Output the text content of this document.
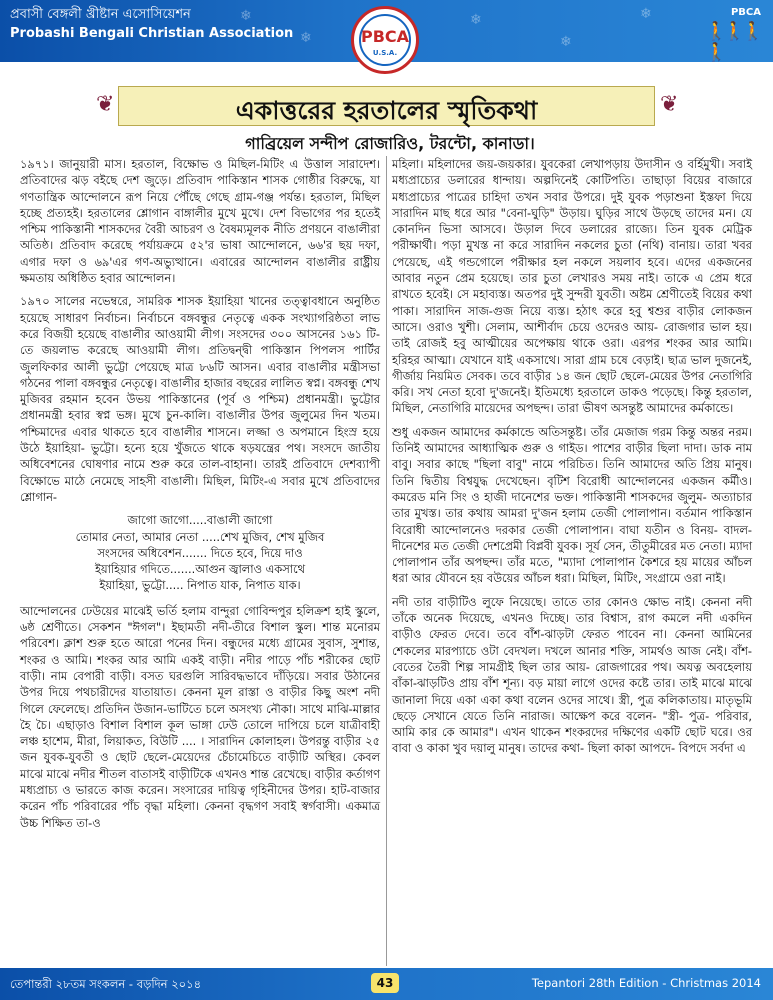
❄
❄
❄
❄
❄
প্রবাসী বেঙ্গলী খ্রীষ্টান এসোসিয়েশন
Probashi Bengali Christian Association
PBCA
🚶🚶🚶🚶
PBCA
U.S.A.
❦	একাত্তরের হরতালের স্মৃতিকথা	❦
গাব্রিয়েল সন্দীপ রোজারিও, টরন্টো, কানাডা।

১৯৭১। জানুয়ারী মাস। হরতাল, বিক্ষোভ ও মিছিল-মিটিং এ উত্তাল সারাদেশ। প্রতিবাদের ঝড় বইছে দেশ জুড়ে। প্রতিবাদ পাকিস্তান শাসক গোষ্ঠীর বিরুদ্ধে, যা গণতান্ত্রিক আন্দোলনে রূপ নিয়ে পৌঁছে গেছে গ্রাম-গঞ্জ পর্যন্ত। হরতাল, মিছিল হচ্ছে প্রত্যহই। হরতালের শ্লোগান বাঙ্গালীর মুখে মুখে। দেশ বিভাগের পর হতেই পশ্চিম পাকিস্তানী শাসকদের বৈরী আচরণ ও বৈষম্যমূলক নীতি প্রণয়নে বাঙালীরা অতিষ্ঠ। প্রতিবাদ করেছে পর্যায়ক্রমে ৫২'র ভাষা আন্দোলনে, ৬৬'র ছয় দফা, এগার দফা ও ৬৯'এর গণ-অভ্যুত্থানে। এবারের আন্দোলন বাঙালীর রাষ্ট্রীয় ক্ষমতায় অধিষ্ঠিত হবার আন্দোলন।

১৯৭০ সালের নভেম্বরে, সামরিক শাসক ইয়াহিয়া খানের তত্ত্বাবধানে অনুষ্ঠিত হয়েছে সাধারণ নির্বাচন। নির্বাচনে বঙ্গবন্ধুর নেতৃত্বে একক সংখ্যাগরিষ্ঠতা লাভ করে বিজয়ী হয়েছে বাঙালীর আওয়ামী লীগ। সংসদের ৩০০ আসনের ১৬১ টি-তে জয়লাভ করেছে আওয়ামী লীগ। প্রতিদ্বন্দ্বী পাকিস্তান পিপলস পার্টির জুলফিকার আলী ভুট্টো পেয়েছে মাত্র ৮৬টি আসন। এবার বাঙালীর মন্ত্রীসভা গঠনের পালা বঙ্গবন্ধুর নেতৃত্বে। বাঙালীর হাজার বছরের লালিত স্বপ্ন। বঙ্গবন্ধু শেখ মুজিবর রহমান হবেন উভয় পাকিস্তানের (পূর্ব ও পশ্চিম) প্রধানমন্ত্রী। ভুট্টোর প্রধানমন্ত্রী হবার স্বপ্ন ভঙ্গ। মুখে চুন-কালি। বাঙালীর উপর জুলুমের দিন খতম। পশ্চিমাদের এবার থাকতে হবে বাঙালীর শাসনে। লজ্জা ও অপমানে হিংস্র হয়ে উঠে ইয়াহিয়া- ভুট্টো। হন্যে হয়ে খুঁজতে থাকে ষড়যন্ত্রের পথ। সংসদে জাতীয় অধিবেশনের ঘোষণার নামে শুরু করে তাল-বাহানা। তারই প্রতিবাদে দেশব্যাপী বিক্ষোভে মাঠে নেমেছে সাহসী বাঙালী। মিছিল, মিটিং-এ সবার মুখে প্রতিবাদের শ্লোগান-

জাগো জাগো.....বাঙালী জাগো
তোমার নেতা, আমার নেতা .....শেখ মুজিব, শেখ মুজিব
সংসদের অধিবেশন....... দিতে হবে, দিয়ে দাও
ইয়াহিয়ার গদিতে.......আগুন জ্বালাও একসাথে
ইয়াহিয়া, ভুট্টো..... নিপাত যাক, নিপাত যাক।

আন্দোলনের ঢেউয়ের মাঝেই ভর্তি হলাম বান্দুরা গোবিন্দপুর হলিক্রশ হাই স্কুলে, ৬ষ্ঠ শ্রেণীতে। সেকশন "ঈগল"। ইছামতী নদী-তীরে বিশাল স্কুল। শান্ত মনোরম পরিবেশ। ক্লাশ শুরু হতে আরো পনের দিন। বন্ধুদের মধ্যে গ্রামের সুবাস, সুশান্ত, শংকর ও আমি। শংকর আর আমি একই বাড়ী। নদীর পাড়ে পাঁচ শরীকের ছোট বাড়ী। নাম বেপারী বাড়ী। বসত ঘরগুলি সারিবদ্ধভাবে দাঁড়িয়ে। সবার উঠানের উপর দিয়ে পথচারীদের যাতায়াত। কেননা মূল রাস্তা ও বাড়ীর কিছু অংশ নদী গিলে ফেলেছে। প্রতিদিন উজান-ভাটিতে চলে অসংখ্য নৌকা। সাথে মাঝি-মাল্লার হৈ চৈ। এছাড়াও বিশাল বিশাল কূল ভাঙ্গা ঢেউ তোলে দাপিয়ে চলে যাত্রীবাহী লঞ্চ হাশেম, মীরা, লিয়াকত, বিউটি .... । সারাদিন কোলাহল। উপরন্তু বাড়ীর ২৫ জন যুবক-যুবতী ও ছোট ছেলে-মেয়েদের চেঁচামেচিতে বাড়ীটি অস্থির। কেবল মাঝে মাঝে নদীর শীতল বাতাসই বাড়ীটিকে এখনও শান্ত রেখেছে। বাড়ীর কর্তাগণ মধ্যপ্রাচ্য ও ভারতে কাজ করেন। সংসারের দায়িত্ব গৃহিনীদের উপর। হাট-বাজার করেন পাঁচ পরিবারের পাঁচ বৃদ্ধা মহিলা। কেননা বৃদ্ধগণ সবাই স্বর্গবাসী। একমাত্র উচ্চ শিক্ষিত তা-ও

মহিলা। মহিলাদের জয়-জয়কার। যুবকেরা লেখাপড়ায় উদাসীন ও বর্হিমুখী। সবাই মধ্যপ্রাচ্যের ডলারের ধান্দায়। অল্পদিনেই কোটিপতি। তাছাড়া বিয়ের বাজারে মধ্যপ্রাচ্যের পাত্রের চাহিদা তখন সবার উপরে। দুই যুবক পড়াশুনা ইস্তফা দিয়ে সারাদিন মাছ ধরে আর "বেনা-ঘুড়ি" উড়ায়। ঘুড়ির সাথে উড়ছে তাদের মন। যে কোনদিন ভিসা আসবে। উড়াল দিবে ডলারের রাজ্যে। তিন যুবক মেট্রিক পরীক্ষার্থী। পড়া মুখস্ত না করে সারাদিন নকলের চুতা (নথি) বানায়। তারা খবর পেয়েছে, এই গন্ডগোলে পরীক্ষার হল নকলে সয়লাব হবে। এদের একজনের আবার নতুন প্রেম হয়েছে। তার চুতা লেখারও সময় নাই। তাকে এ প্রেম ধরে রাখতে হবেই। সে মহাব্যস্ত। অতপর দুই সুন্দরী যুবতী। অষ্টম শ্রেণীতেই বিয়ের কথা পাকা। সারাদিন সাজ-গুজ নিয়ে ব্যস্ত। হঠাৎ করে হবু শ্বশুর বাড়ীর লোকজন আসে। ওরাও খুশী। সেলাম, আশীর্বাদ চেয়ে ওদেরও আয়- রোজগার ভাল হয়। তাই রোজই হবু আত্মীয়ের অপেক্ষায় থাকে ওরা। এরপর শংকর আর আমি। হরিহর আত্মা। যেখানে যাই একসাথে। সারা গ্রাম চষে বেড়াই। ছাত্র ভাল দুজনেই, গীর্জায় নিয়মিত সেবক। তবে বাড়ীর ১৪ জন ছোট ছেলে-মেয়ের উপর নেতাগিরি করি। সখ নেতা হবো দু'জনেই। ইতিমধ্যে হরতালে ডাকও পড়েছে। কিন্তু হরতাল, মিছিল, নেতাগিরি মায়েদের অপছন্দ। তারা ভীষণ অসন্তুষ্ট আমাদের কর্মকান্ডে।

শুধু একজন আমাদের কর্মকান্ডে অতিসন্তুষ্ট। তাঁর মেজাজ গরম কিন্তু অন্তর নরম। তিনিই আমাদের আধ্যাত্মিক গুরু ও গাইড। পাশের বাড়ীর ছিলা দাদা। ডাক নাম বাবু। সবার কাছে "ছিলা বাবু" নামে পরিচিত। তিনি আমাদের অতি প্রিয় মানুষ। তিনি দ্বিতীয় বিশ্বযুদ্ধ দেখেছেন। বৃটিশ বিরোধী আন্দোলনের একজন কর্মীও। কমরেড মনি সিং ও হাজী দানেশের ভক্ত। পাকিস্তানী শাসকদের জুলুম- অত্যাচার তার মুখস্ত। তার কথায় আমরা দু'জন হলাম তেজী পোলাপান। বর্তমান পাকিস্তান বিরোধী আন্দোলনেও দরকার তেজী পোলাপান। বাঘা যতীন ও বিনয়- বাদল- দীনেশের মত তেজী দেশপ্রেমী বিপ্লবী যুবক। সূর্য সেন, তীতুমীরের মত নেতা। ম্যাদা পোলাপান তাঁর অপছন্দ। তাঁর মতে, "ম্যাদা পোলাপান কৈশরে হয় মায়ের আঁচল ধরা আর যৌবনে হয় বউয়ের আঁচল ধরা। মিছিল, মিটিং, সংগ্রামে ওরা নাই।

নদী তার বাড়ীটিও লুফে নিয়েছে। তাতে তার কোনও ক্ষোভ নাই। কেননা নদী তাঁকে অনেক দিয়েছে, এখনও দিচ্ছে। তার বিশ্বাস, রাগ কমলে নদী একদিন বাড়ীও ফেরত দেবে। তবে বাঁশ-ঝাড়টা ফেরত পাবেন না। কেননা আমিনের শেকলের মারপ্যাচে ওটা বেদখল। দখলে আনার শক্তি, সামর্থও আজ নেই। বাঁশ-বেতের তৈরী শিল্প সামগ্রীই ছিল তার আয়- রোজগারের পথ। অযত্ন অবহেলায় বাঁকা-ঝাড়টিও প্রায় বাঁশ শূন্য। বড় মায়া লাগে ওদের কষ্টে তার। তাই মাঝে মাঝে জানালা দিয়ে একা একা কথা বলেন ওদের সাথে। স্ত্রী, পুত্র কলিকাতায়। মাতৃভূমি ছেড়ে সেখানে যেতে তিনি নারাজ। আক্ষেপ করে বলেন- "স্ত্রী- পুত্র- পরিবার, আমি কার কে আমার"। এখন থাকেন শংকরদের দক্ষিণের একটি ছোট ঘরে। ওর বাবা ও কাকা খুব দয়ালু মানুষ। তাদের কথা- ছিলা কাকা আপদে- বিপদে সর্বদা এ

তেপান্তরী ২৮তম সংকলন - বড়দিন ২০১৪	43	Tepantori 28th Edition - Christmas 2014
